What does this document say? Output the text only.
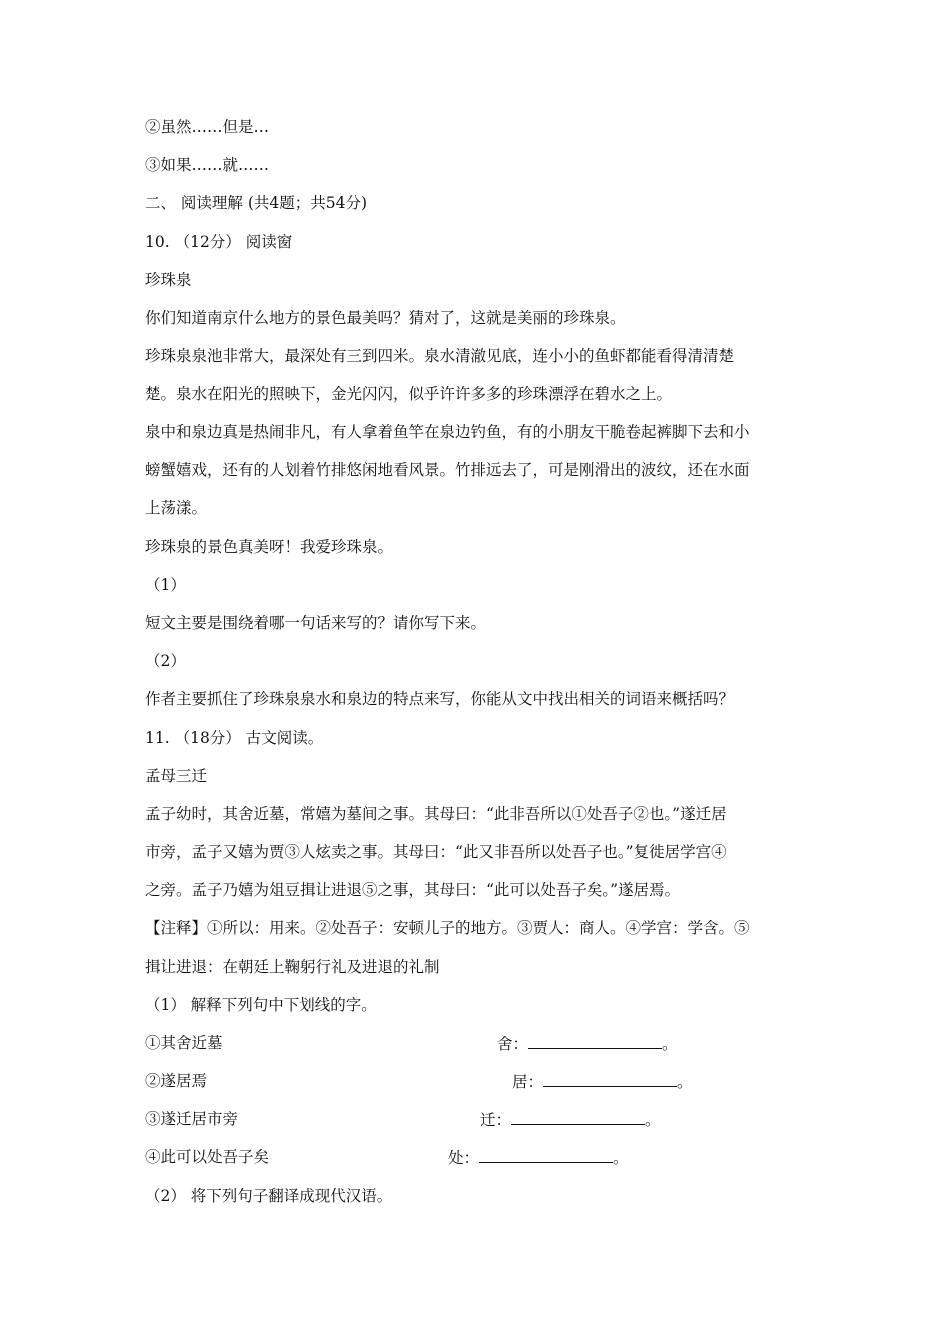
②虽然……但是…
③如果……就……
二、 阅读理解 (共4题；共54分)
10. （12分） 阅读窗
珍珠泉
你们知道南京什么地方的景色最美吗？猜对了，这就是美丽的珍珠泉。
珍珠泉泉池非常大，最深处有三到四米。泉水清澈见底，连小小的鱼虾都能看得清清楚
楚。泉水在阳光的照映下，金光闪闪，似乎许许多多的珍珠漂浮在碧水之上。
泉中和泉边真是热闹非凡，有人拿着鱼竿在泉边钓鱼，有的小朋友干脆卷起裤脚下去和小
螃蟹嬉戏，还有的人划着竹排悠闲地看风景。竹排远去了，可是刚滑出的波纹，还在水面
上荡漾。
珍珠泉的景色真美呀！我爱珍珠泉。
（1）
短文主要是围绕着哪一句话来写的？请你写下来。
（2）
作者主要抓住了珍珠泉泉水和泉边的特点来写，你能从文中找出相关的词语来概括吗？
11. （18分） 古文阅读。
孟母三迁
孟子幼时，其舍近墓，常嬉为墓间之事。其母曰：“此非吾所以①处吾子②也。”遂迁居
市旁，孟子又嬉为贾③人炫卖之事。其母曰：“此又非吾所以处吾子也。”复徙居学宫④
之旁。孟子乃嬉为俎豆揖让进退⑤之事，其母曰：“此可以处吾子矣。”遂居焉。
【注释】①所以：用来。②处吾子：安顿儿子的地方。③贾人：商人。④学宫：学含。⑤
揖让进退：在朝廷上鞠躬行礼及进退的礼制
（1） 解释下列句中下划线的字。
①其舍近墓	舍：	。
②遂居焉	居：	。
③遂迁居市旁	迁：	。
④此可以处吾子矣	处：	。
（2） 将下列句子翻译成现代汉语。
